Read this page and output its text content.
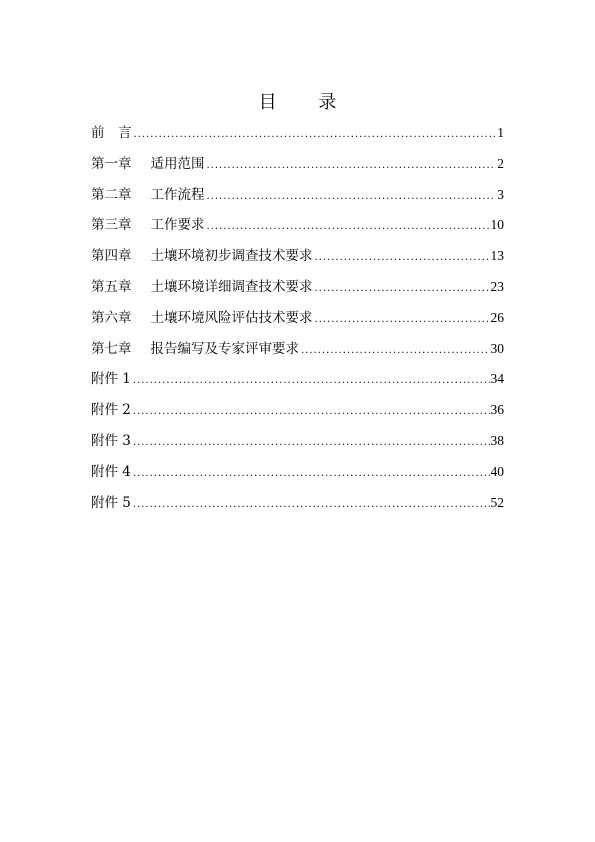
目 录
前　言 .....	1
第一章 适用范围 .....	2
第二章 工作流程 .....	3
第三章 工作要求 .....	10
第四章 土壤环境初步调查技术要求 .....	13
第五章 土壤环境详细调查技术要求 .....	23
第六章 土壤环境风险评估技术要求 .....	26
第七章 报告编写及专家评审要求 .....	30
附件 1 .....	34
附件 2 .....	36
附件 3 .....	38
附件 4 .....	40
附件 5 .....	52
